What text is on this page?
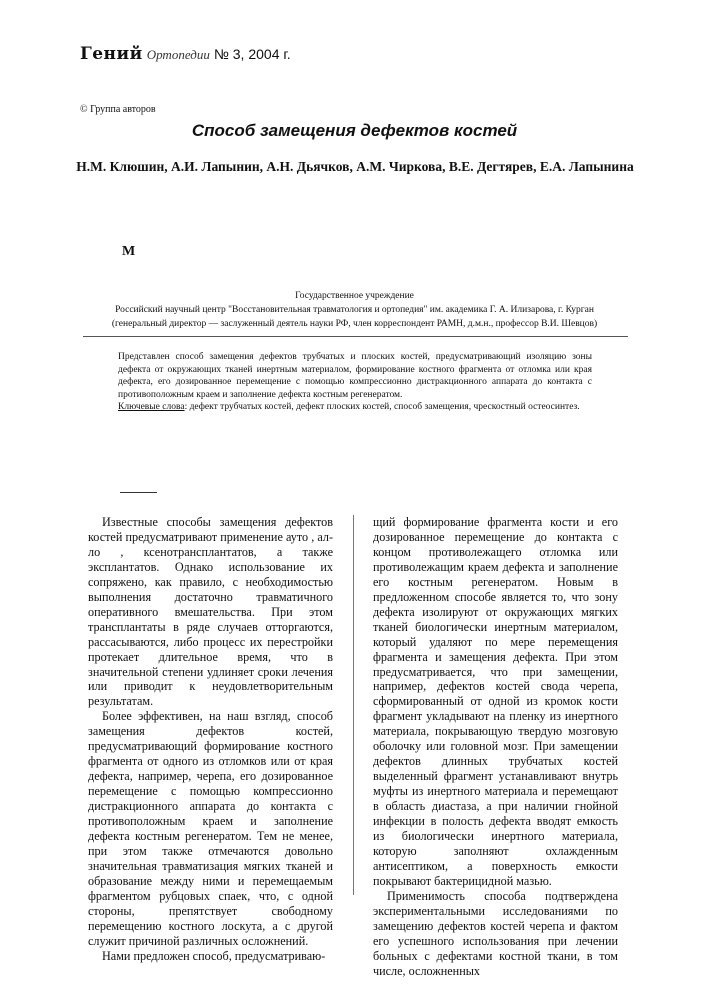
Гений Ортопедии № 3, 2004 г.
© Группа авторов
Способ замещения дефектов костей
Н.М. Клюшин, А.И. Лапынин, А.Н. Дьячков, А.М. Чиркова, В.Е. Дегтярев, Е.А. Лапынина
M
Государственное учреждение
Российский научный центр "Восстановительная травматология и ортопедия" им. академика Г. А. Илизарова, г. Курган
(генеральный директор — заслуженный деятель науки РФ, член корреспондент РАМН, д.м.н., профессор В.И. Шевцов)
Представлен способ замещения дефектов трубчатых и плоских костей, предусматривающий изоляцию зоны дефекта от окружающих тканей инертным материалом, формирование костного фрагмента от отломка или края дефекта, его дозированное перемещение с помощью компрессионно дистракционного аппарата до контакта с противоположным краем и заполнение дефекта костным регенератом.
Ключевые слова: дефект трубчатых костей, дефект плоских костей, способ замещения, чрескостный остеосинтез.

Известные способы замещения дефектов костей предусматривают применение ауто , ал-ло , ксенотрансплантатов, а также эксплантатов. Однако использование их сопряжено, как правило, с необходимостью выполнения достаточно травматичного оперативного вмешательства. При этом трансплантаты в ряде случаев отторгаются, рассасываются, либо процесс их перестройки протекает длительное время, что в значительной степени удлиняет сроки лечения или приводит к неудовлетворительным результатам.

Более эффективен, на наш взгляд, способ замещения дефектов костей, предусматривающий формирование костного фрагмента от одного из отломков или от края дефекта, например, черепа, его дозированное перемещение с помощью компрессионно дистракционного аппарата до контакта с противоположным краем и заполнение дефекта костным регенератом. Тем не менее, при этом также отмечаются довольно значительная травматизация мягких тканей и образование между ними и перемещаемым фрагментом рубцовых спаек, что, с одной стороны, препятствует свободному перемещению костного лоскута, а с другой служит причиной различных осложнений.

Нами предложен способ, предусматриваю-

щий формирование фрагмента кости и его дозированное перемещение до контакта с концом противолежащего отломка или противолежащим краем дефекта и заполнение его костным регенератом. Новым в предложенном способе является то, что зону дефекта изолируют от окружающих мягких тканей биологически инертным материалом, который удаляют по мере перемещения фрагмента и замещения дефекта. При этом предусматривается, что при замещении, например, дефектов костей свода черепа, сформированный от одной из кромок кости фрагмент укладывают на пленку из инертного материала, покрывающую твердую мозговую оболочку или головной мозг. При замещении дефектов длинных трубчатых костей выделенный фрагмент устанавливают внутрь муфты из инертного материала и перемещают в область диастаза, а при наличии гнойной инфекции в полость дефекта вводят емкость из биологически инертного материала, которую заполняют охлажденным антисептиком, а поверхность емкости покрывают бактерицидной мазью.

Применимость способа подтверждена экспериментальными исследованиями по замещению дефектов костей черепа и фактом его успешного использования при лечении больных с дефектами костной ткани, в том числе, осложненных
